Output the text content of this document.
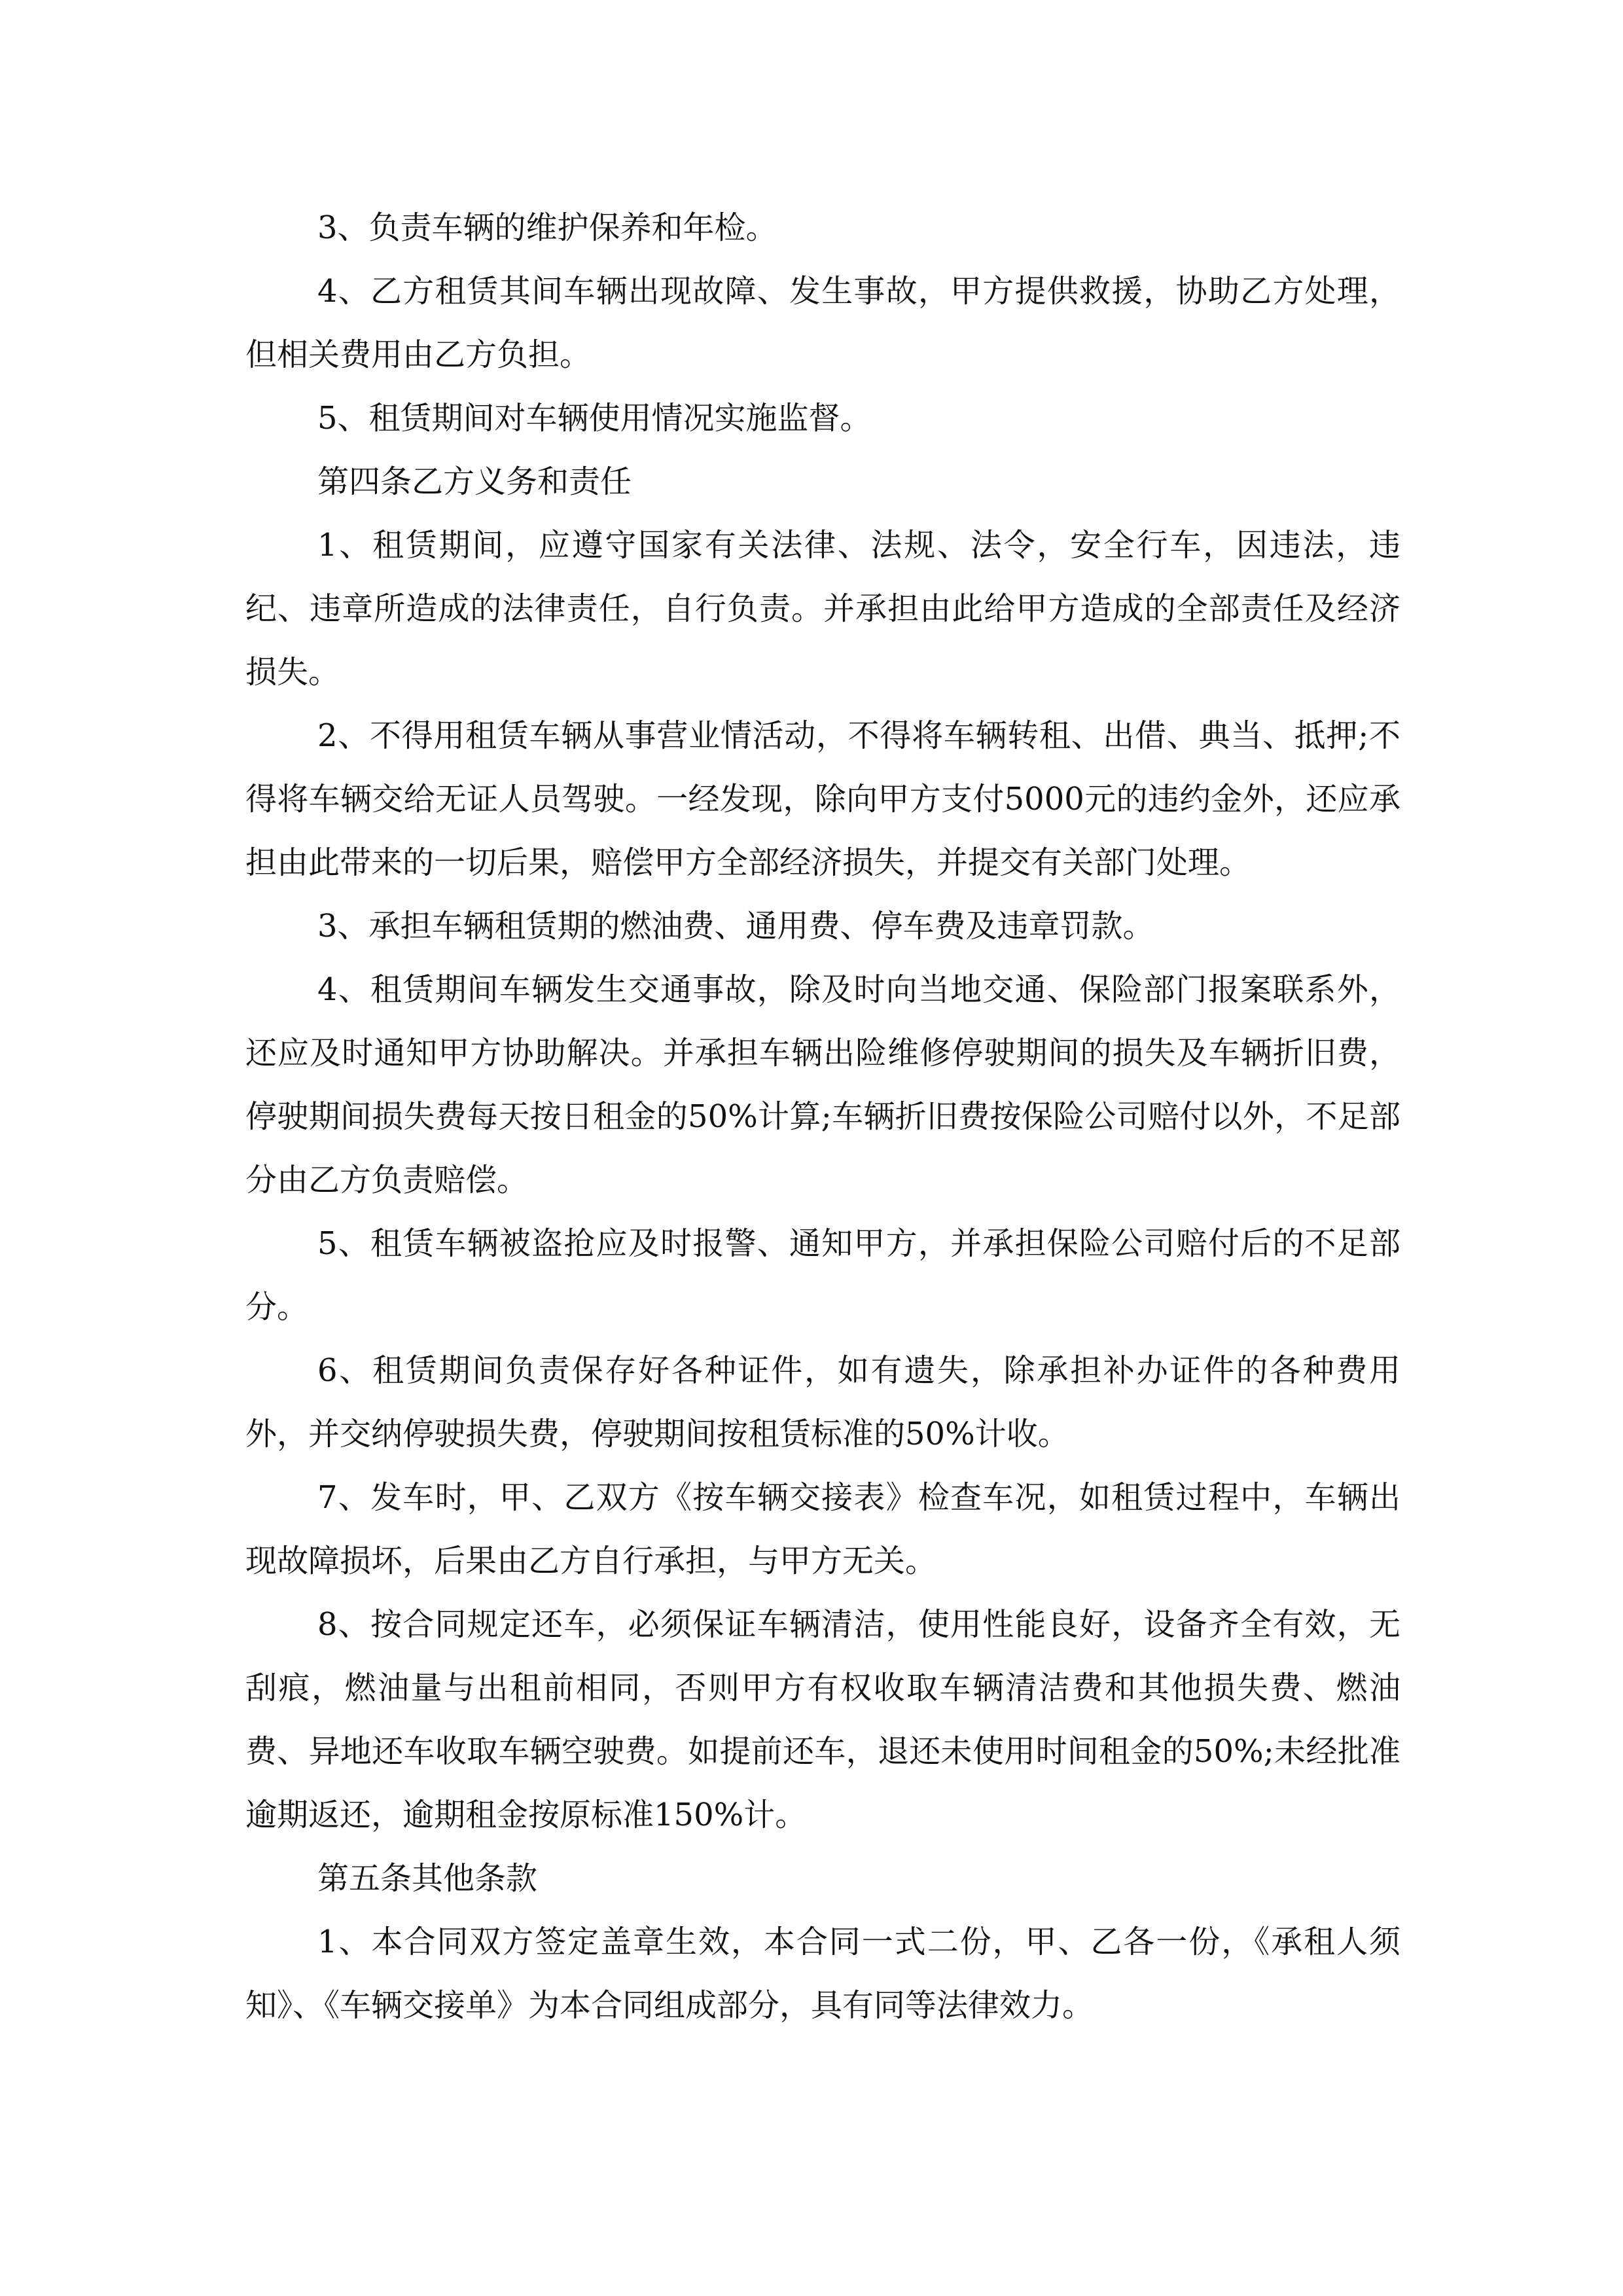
3、负责车辆的维护保养和年检。

4、乙方租赁其间车辆出现故障、发生事故，甲方提供救援，协助乙方处理，但相关费用由乙方负担。

5、租赁期间对车辆使用情况实施监督。

第四条乙方义务和责任

1、租赁期间，应遵守国家有关法律、法规、法令，安全行车，因违法，违纪、违章所造成的法律责任，自行负责。并承担由此给甲方造成的全部责任及经济损失。

2、不得用租赁车辆从事营业情活动，不得将车辆转租、出借、典当、抵押;不得将车辆交给无证人员驾驶。一经发现，除向甲方支付5000元的违约金外，还应承担由此带来的一切后果，赔偿甲方全部经济损失，并提交有关部门处理。

3、承担车辆租赁期的燃油费、通用费、停车费及违章罚款。

4、租赁期间车辆发生交通事故，除及时向当地交通、保险部门报案联系外，还应及时通知甲方协助解决。并承担车辆出险维修停驶期间的损失及车辆折旧费，停驶期间损失费每天按日租金的50%计算;车辆折旧费按保险公司赔付以外，不足部分由乙方负责赔偿。

5、租赁车辆被盗抢应及时报警、通知甲方，并承担保险公司赔付后的不足部分。

6、租赁期间负责保存好各种证件，如有遗失，除承担补办证件的各种费用外，并交纳停驶损失费，停驶期间按租赁标准的50%计收。

7、发车时，甲、乙双方《按车辆交接表》检查车况，如租赁过程中，车辆出现故障损坏，后果由乙方自行承担，与甲方无关。

8、按合同规定还车，必须保证车辆清洁，使用性能良好，设备齐全有效，无刮痕，燃油量与出租前相同，否则甲方有权收取车辆清洁费和其他损失费、燃油费、异地还车收取车辆空驶费。如提前还车，退还未使用时间租金的50%;未经批准逾期返还，逾期租金按原标准150%计。

第五条其他条款

1、本合同双方签定盖章生效，本合同一式二份，甲、乙各一份，《承租人须知》、《车辆交接单》为本合同组成部分，具有同等法律效力。
